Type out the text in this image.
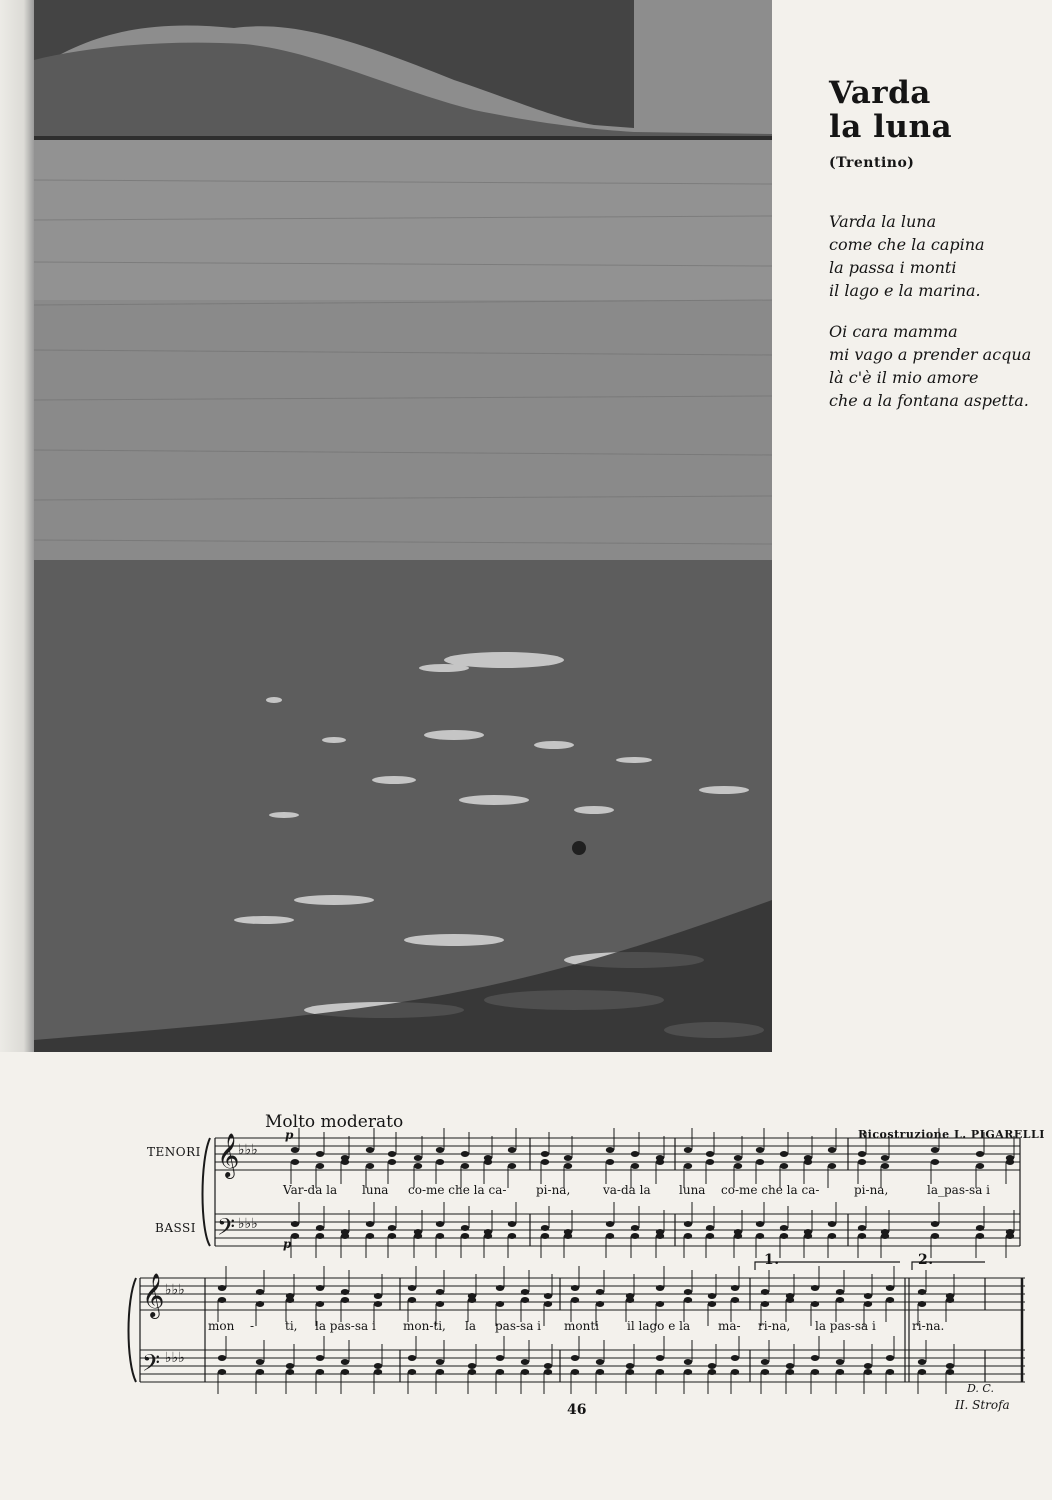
Varda
la luna
(Trentino)
Varda la luna
come che la capina
la passa i monti
il lago e la marina.
Oi cara mamma
mi vago a prender acqua
là c'è il mio amore
che a la fontana aspetta.
Ricostruzione L. PIGARELLI
Molto moderato
TENORI
BASSI
𝄞
𝄢
𝄞
𝄢
♭♭♭
♭♭♭
♭♭♭
♭♭♭
p
p
Var-da la luna co-me che la ca- pi-na,	va-da la luna co-me che la ca-	pi-na,	la_pas-sa i
mon -	ti, la pas-sa i mon-ti, la pas-sa i monti il lago e la ma- ri-na, la pas-sa i	ri-na.
1.	2.
D. C.
II. Strofa
46
